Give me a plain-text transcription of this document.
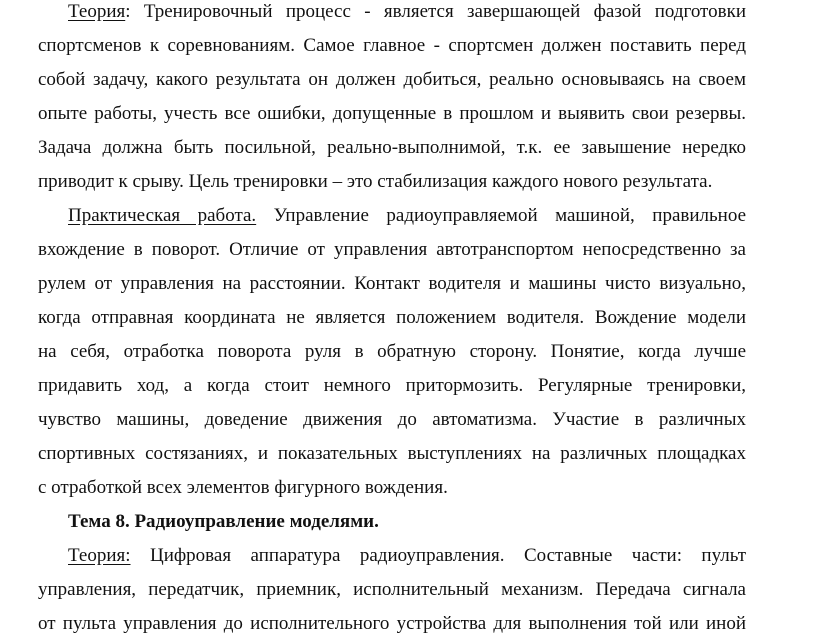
Теория: Тренировочный процесс - является завершающей фазой подготовки
спортсменов к соревнованиям. Самое главное - спортсмен должен поставить перед
собой задачу, какого результата он должен добиться, реально основываясь на своем
опыте работы, учесть все ошибки, допущенные в прошлом и выявить свои резервы.
Задача должна быть посильной, реально-выполнимой, т.к. ее завышение нередко
приводит к срыву. Цель тренировки – это стабилизация каждого нового результата.
Практическая работа. Управление радиоуправляемой машиной, правильное
вхождение в поворот. Отличие от управления автотранспортом непосредственно за
рулем от управления на расстоянии. Контакт водителя и машины чисто визуально,
когда отправная координата не является положением водителя. Вождение модели
на себя, отработка поворота руля в обратную сторону. Понятие, когда лучше
придавить ход, а когда стоит немного притормозить. Регулярные тренировки,
чувство машины, доведение движения до автоматизма. Участие в различных
спортивных состязаниях, и показательных выступлениях на различных площадках
с отработкой всех элементов фигурного вождения.
Тема 8. Радиоуправление моделями.
Теория: Цифровая аппаратура радиоуправления. Составные части: пульт
управления, передатчик, приемник, исполнительный механизм. Передача сигнала
от пульта управления до исполнительного устройства для выполнения той или иной
